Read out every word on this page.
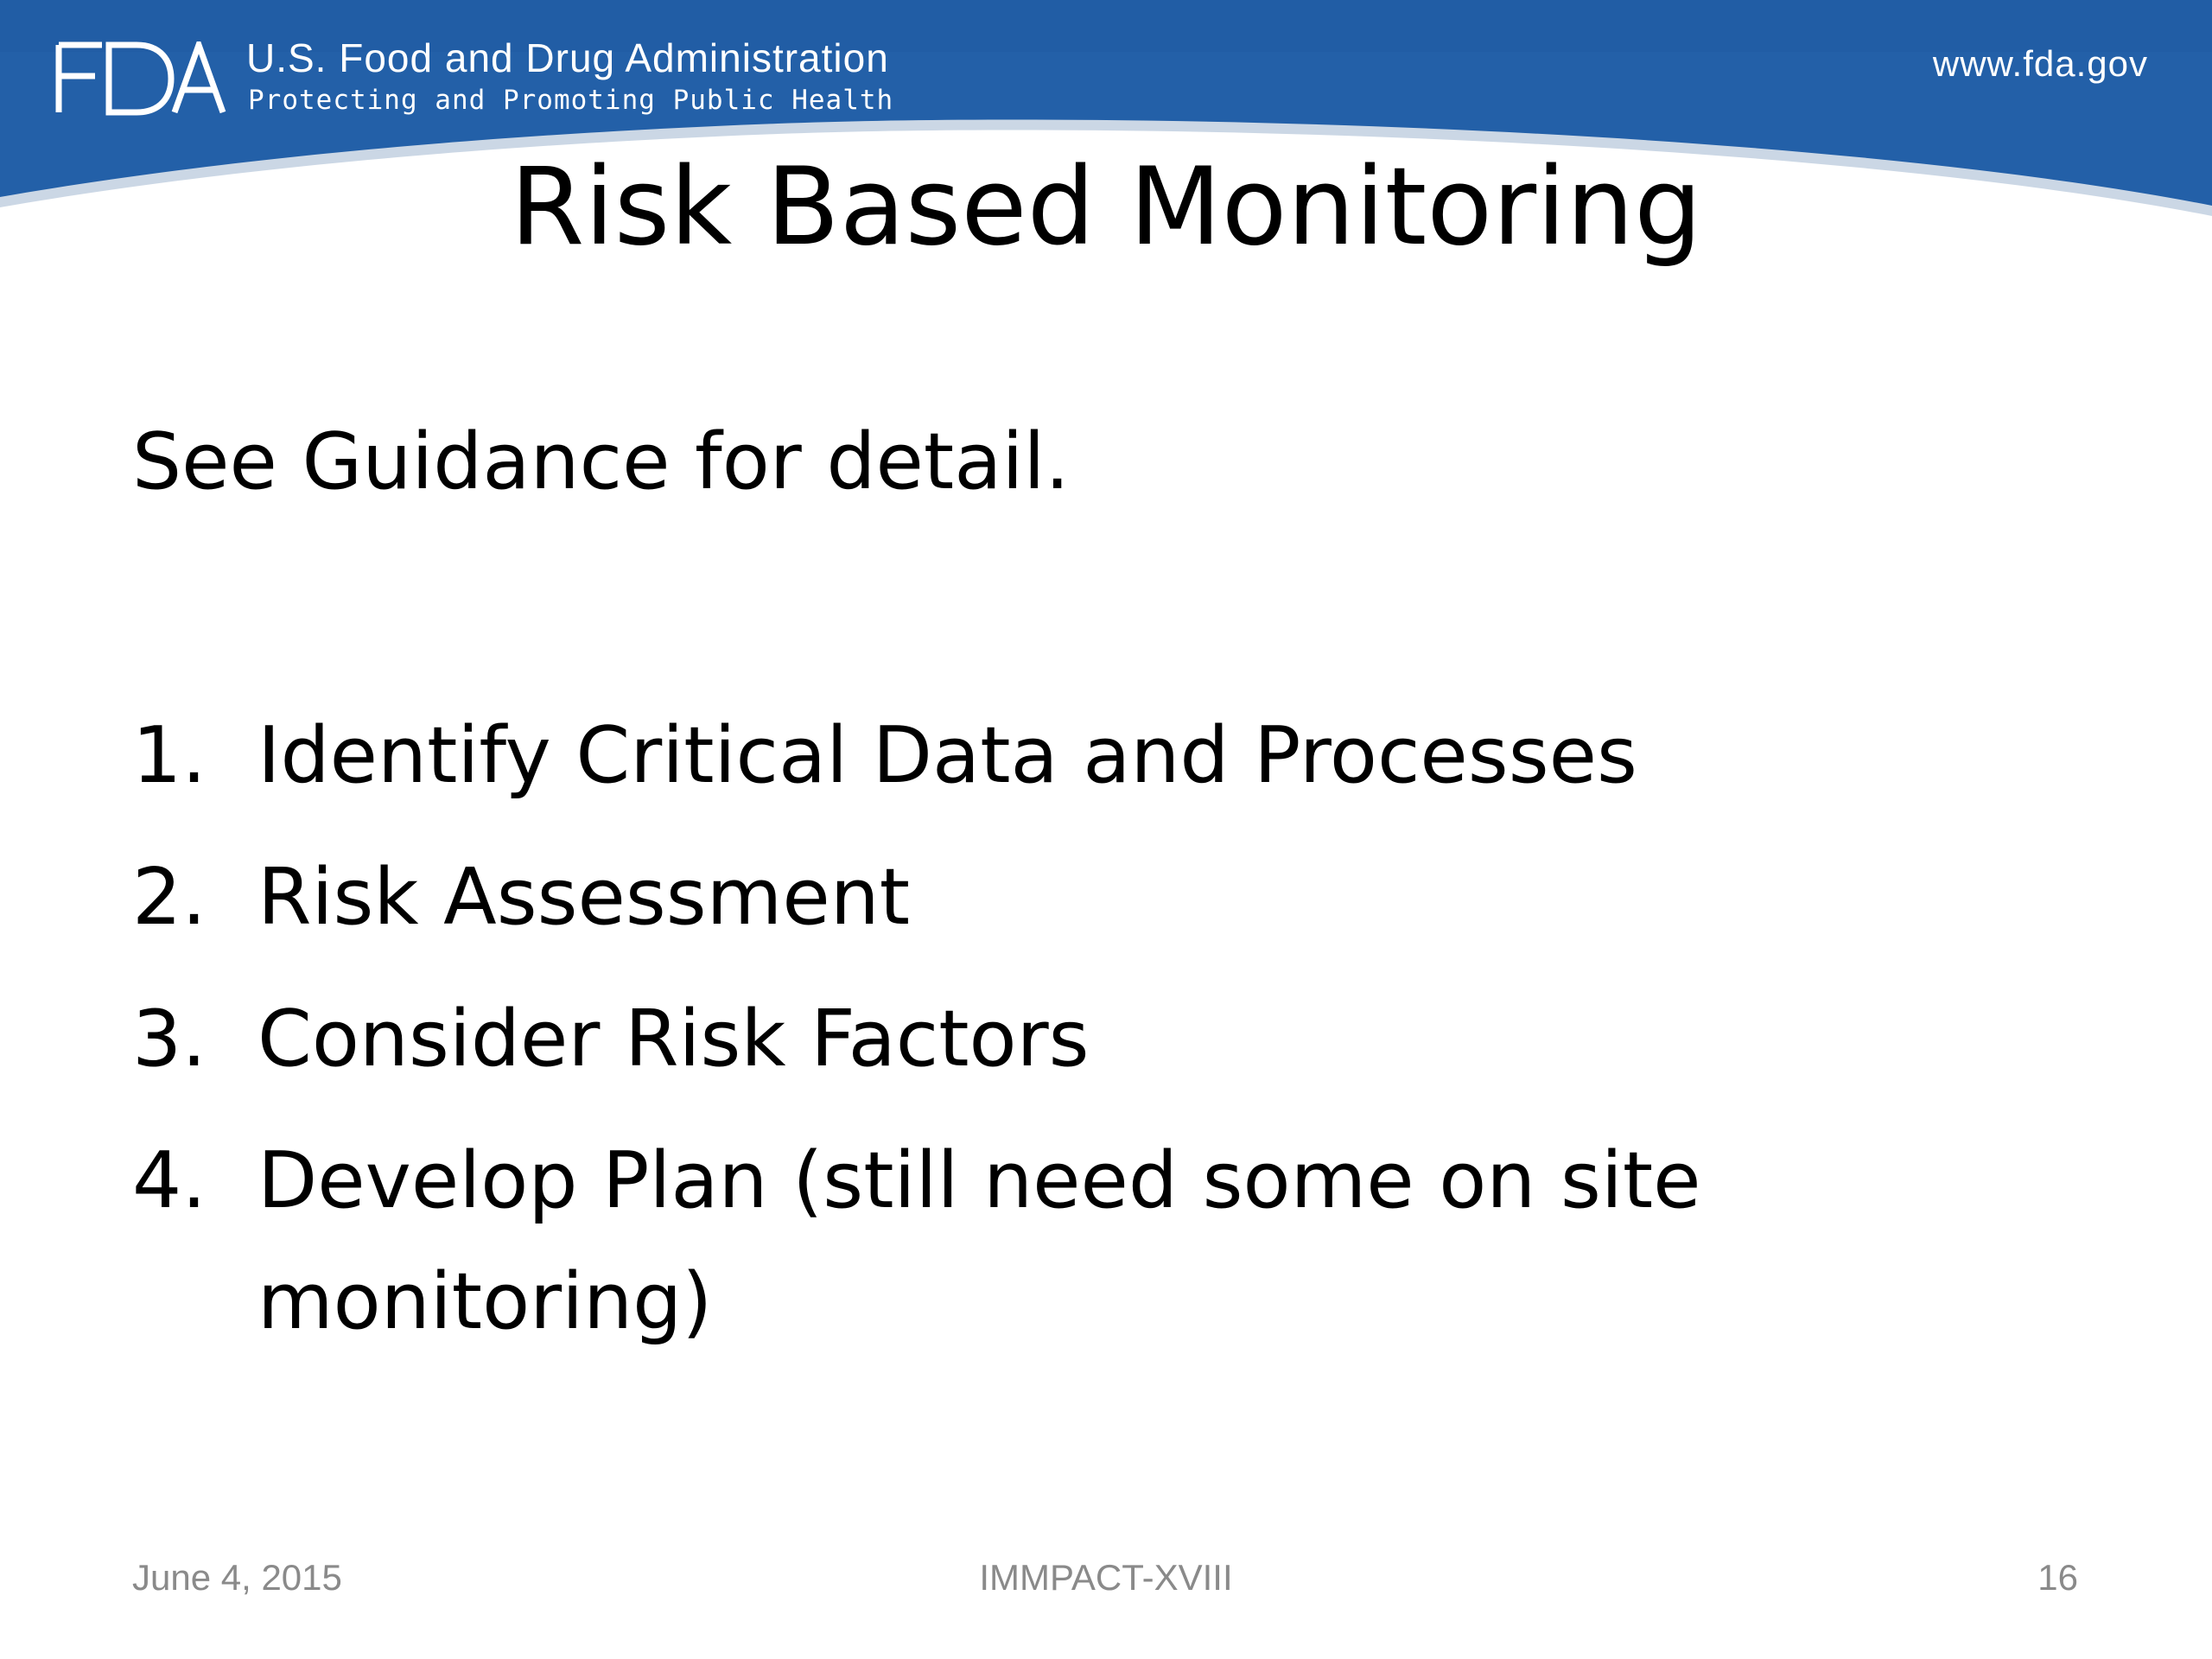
U.S. Food and Drug Administration
Protecting and Promoting Public Health
www.fda.gov
Risk Based Monitoring
See Guidance for detail.
1. Identify Critical Data and Processes
2. Risk Assessment
3. Consider Risk Factors
4. Develop Plan (still need some on site monitoring)
June 4, 2015	IMMPACT-XVIII	16
